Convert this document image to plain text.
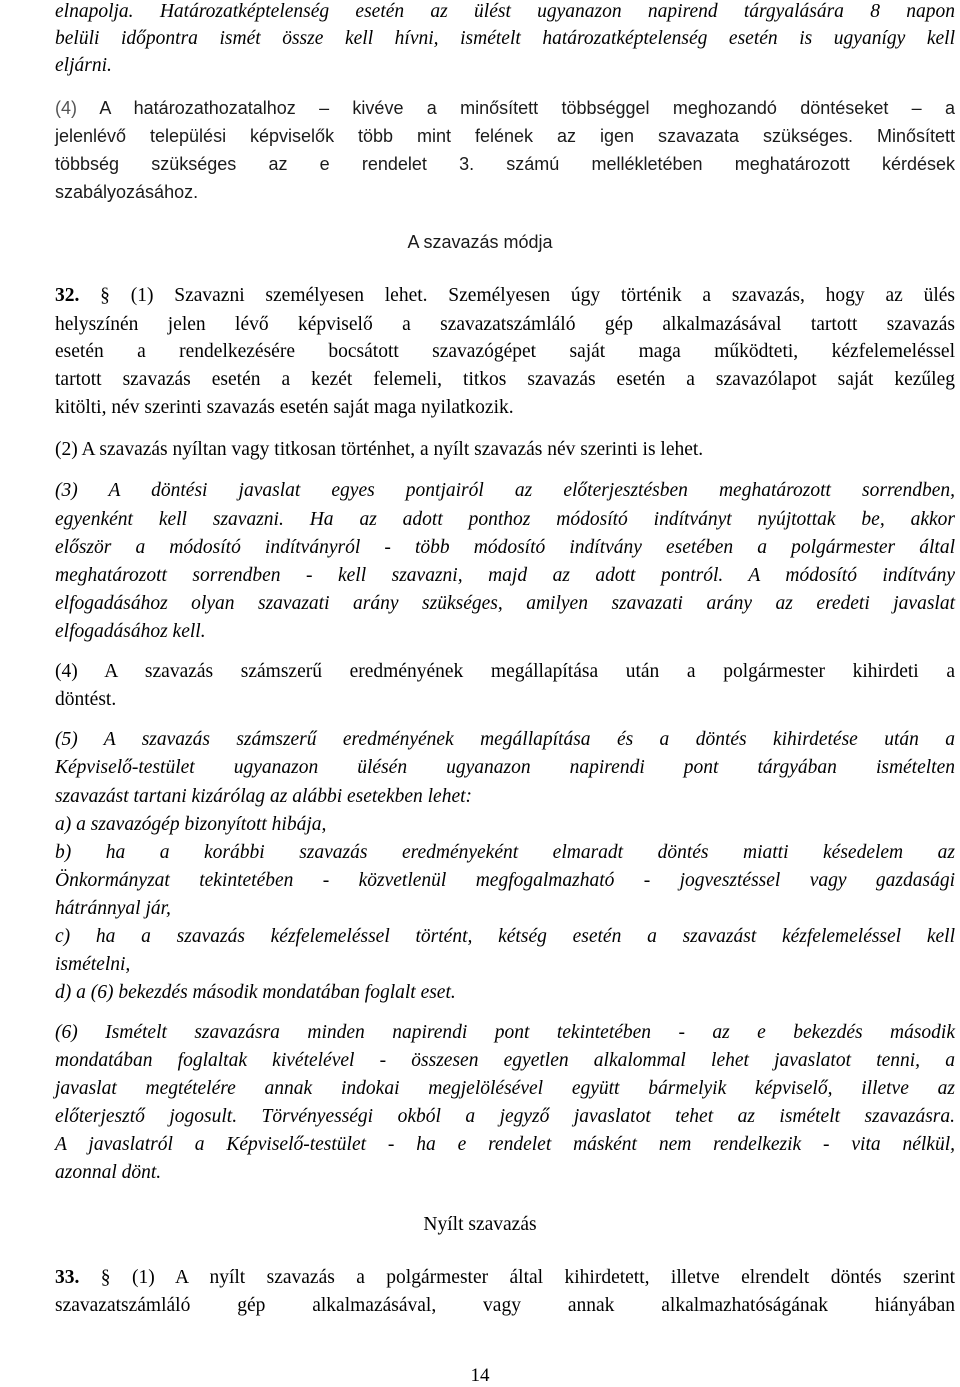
elnapolja. Határozatképtelenség esetén az ülést ugyanazon napirend tárgyalására 8 napon
belüli időpontra ismét össze kell hívni, ismételt határozatképtelenség esetén is ugyanígy kell
eljárni.
(4) A határozathozatalhoz – kivéve a minősített többséggel meghozandó döntéseket – a
jelenlévő települési képviselők több mint felének az igen szavazata szükséges. Minősített
többség szükséges az e rendelet 3. számú mellékletében meghatározott kérdések
szabályozásához.
A szavazás módja
32. § (1) Szavazni személyesen lehet. Személyesen úgy történik a szavazás, hogy az ülés
helyszínén jelen lévő képviselő a szavazatszámláló gép alkalmazásával tartott szavazás
esetén a rendelkezésére bocsátott szavazógépet saját maga működteti, kézfelemeléssel
tartott szavazás esetén a kezét felemeli, titkos szavazás esetén a szavazólapot saját kezűleg
kitölti, név szerinti szavazás esetén saját maga nyilatkozik.
(2) A szavazás nyíltan vagy titkosan történhet, a nyílt szavazás név szerinti is lehet.
(3) A döntési javaslat egyes pontjairól az előterjesztésben meghatározott sorrendben,
egyenként kell szavazni. Ha az adott ponthoz módosító indítványt nyújtottak be, akkor
először a módosító indítványról - több módosító indítvány esetében a polgármester által
meghatározott sorrendben - kell szavazni, majd az adott pontról. A módosító indítvány
elfogadásához olyan szavazati arány szükséges, amilyen szavazati arány az eredeti javaslat
elfogadásához kell.
(4) A szavazás számszerű eredményének megállapítása után a polgármester kihirdeti a
döntést.
(5) A szavazás számszerű eredményének megállapítása és a döntés kihirdetése után a
Képviselő-testület ugyanazon ülésén ugyanazon napirendi pont tárgyában ismételten
szavazást tartani kizárólag az alábbi esetekben lehet:
a) a szavazógép bizonyított hibája,
b) ha a korábbi szavazás eredményeként elmaradt döntés miatti késedelem az
Önkormányzat tekintetében - közvetlenül megfogalmazható - jogvesztéssel vagy gazdasági
hátránnyal jár,
c) ha a szavazás kézfelemeléssel történt, kétség esetén a szavazást kézfelemeléssel kell
ismételni,
d) a (6) bekezdés második mondatában foglalt eset.
(6) Ismételt szavazásra minden napirendi pont tekintetében - az e bekezdés második
mondatában foglaltak kivételével - összesen egyetlen alkalommal lehet javaslatot tenni, a
javaslat megtételére annak indokai megjelölésével együtt bármelyik képviselő, illetve az
előterjesztő jogosult. Törvényességi okból a jegyző javaslatot tehet az ismételt szavazásra.
A javaslatról a Képviselő-testület - ha e rendelet másként nem rendelkezik - vita nélkül,
azonnal dönt.
Nyílt szavazás
33. § (1) A nyílt szavazás a polgármester által kihirdetett, illetve elrendelt döntés szerint
szavazatszámláló gép alkalmazásával, vagy annak alkalmazhatóságának hiányában
14
